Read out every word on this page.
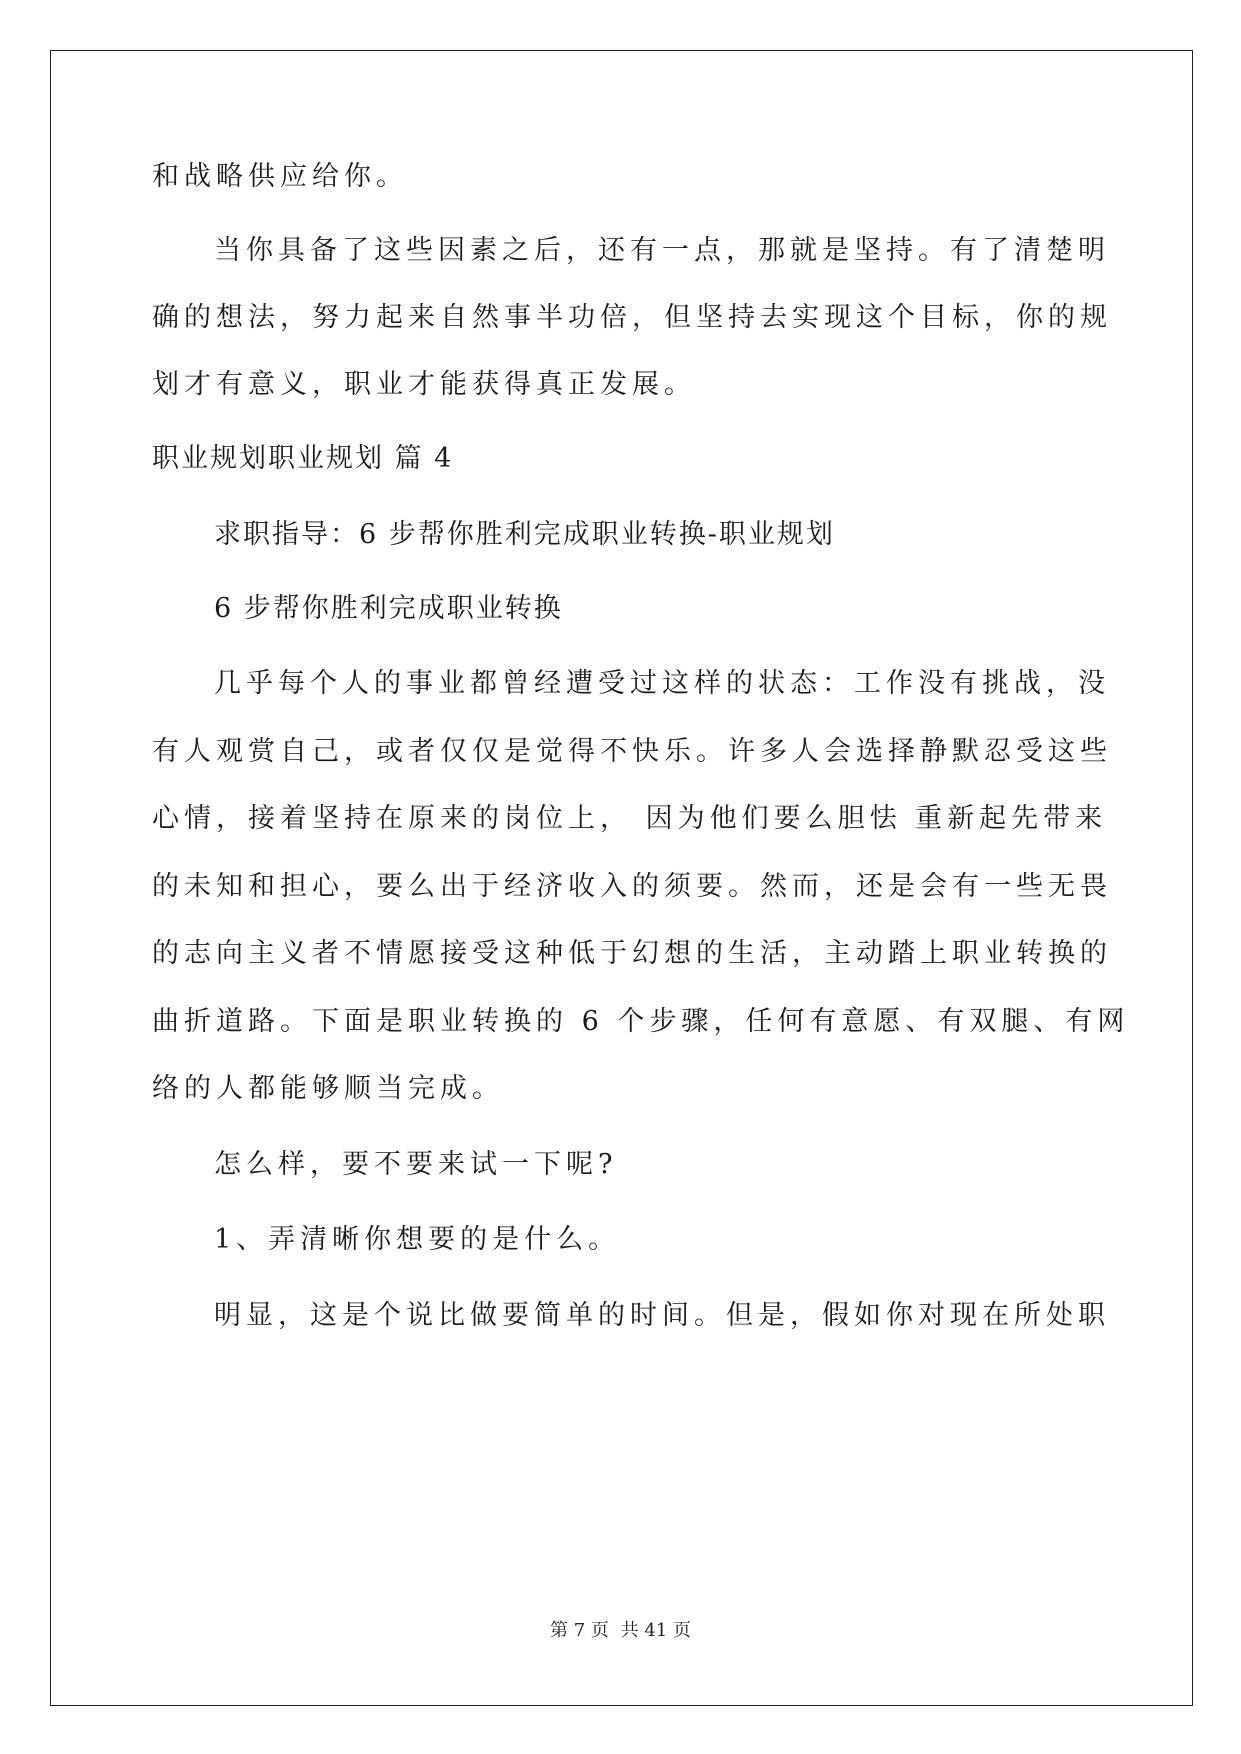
和战略供应给你。
当你具备了这些因素之后，还有一点，那就是坚持。有了清楚明
确的想法，努力起来自然事半功倍，但坚持去实现这个目标，你的规
划才有意义，职业才能获得真正发展。
职业规划职业规划 篇 4
求职指导：6 步帮你胜利完成职业转换-职业规划
6 步帮你胜利完成职业转换
几乎每个人的事业都曾经遭受过这样的状态：工作没有挑战，没
有人观赏自己，或者仅仅是觉得不快乐。许多人会选择静默忍受这些
心情，接着坚持在原来的岗位上， 因为他们要么胆怯 重新起先带来
的未知和担心，要么出于经济收入的须要。然而，还是会有一些无畏
的志向主义者不情愿接受这种低于幻想的生活，主动踏上职业转换的
曲折道路。下面是职业转换的 6 个步骤，任何有意愿、有双腿、有网
络的人都能够顺当完成。
怎么样，要不要来试一下呢?
1、弄清晰你想要的是什么。
明显，这是个说比做要简单的时间。但是，假如你对现在所处职
第 7 页 共 41 页
